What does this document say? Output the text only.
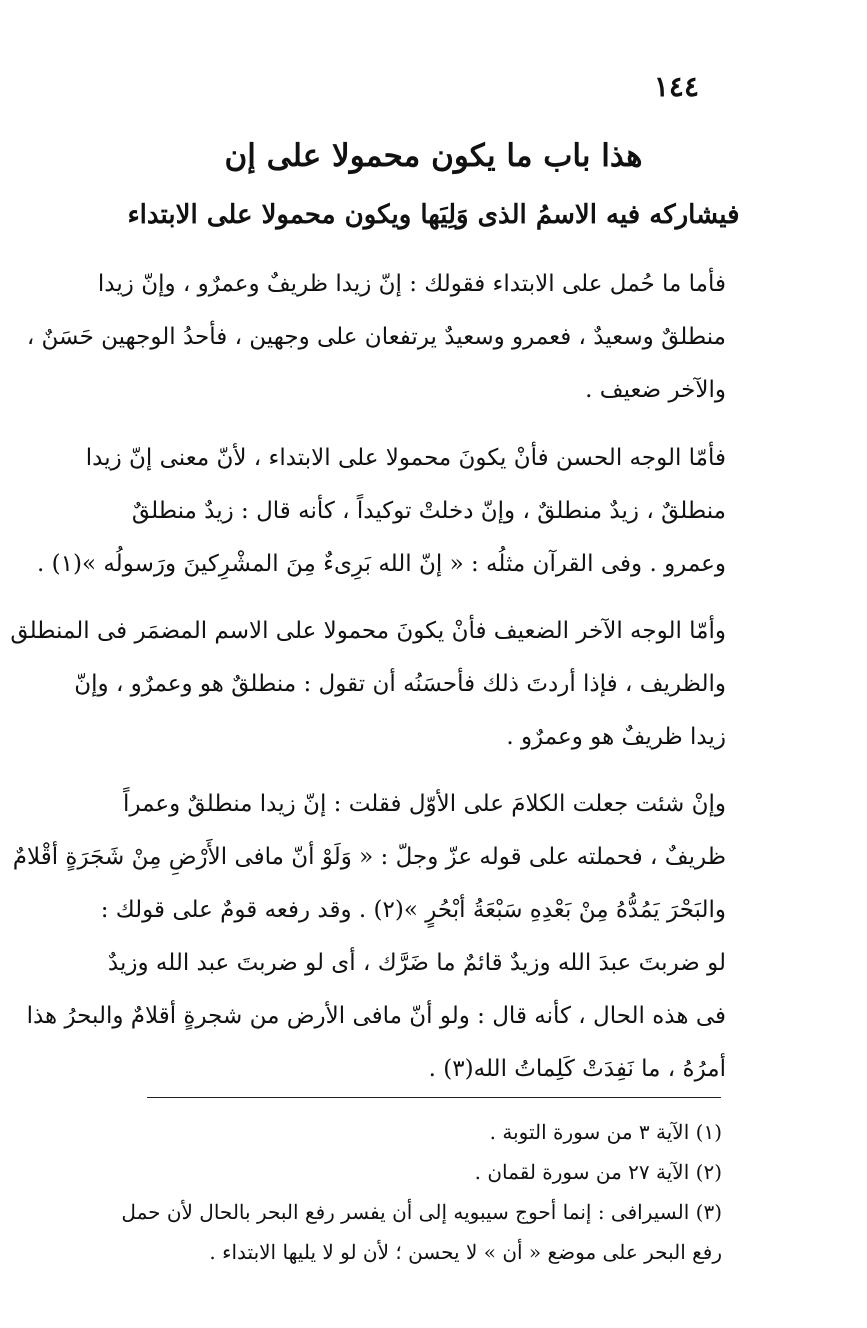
١٤٤
هذا باب ما يكون محمولا على إن
فيشاركه فيه الاسمُ الذى وَلِيَها ويكون محمولا على الابتداء
فأما ما حُمل على الابتداء فقولك : إنّ زيدا ظريفٌ وعمرٌو ، وإنّ زيدا
منطلقٌ وسعيدٌ ، فعمرو وسعيدٌ يرتفعان على وجهين ، فأحدُ الوجهين حَسَنٌ ،
والآخر ضعيف .
فأمّا الوجه الحسن فأنْ يكونَ محمولا على الابتداء ، لأنّ معنى إنّ زيدا
منطلقٌ ، زيدٌ منطلقٌ ، وإنّ دخلتْ توكيداً ، كأنه قال : زيدٌ منطلقٌ
وعمرو . وفى القرآن مثلُه : « إنّ الله بَرِىءٌ مِنَ المشْرِكينَ ورَسولُه »(١) .
وأمّا الوجه الآخر الضعيف فأنْ يكونَ محمولا على الاسم المضمَر فى المنطلق
والظريف ، فإذا أردتَ ذلك فأحسَنُه أن تقول : منطلقٌ هو وعمرٌو ، وإنّ
زيدا ظريفٌ هو وعمرٌو .
وإنْ شئت جعلت الكلامَ على الأوّل فقلت : إنّ زيدا منطلقٌ وعمراً
ظريفٌ ، فحملته على قوله عزّ وجلّ : « وَلَوْ أنّ مافى الأَرْضِ مِنْ شَجَرَةٍ أقْلامٌ
والبَحْرَ يَمُدُّهُ مِنْ بَعْدِهِ سَبْعَةُ أبْحُرٍ »(٢) . وقد رفعه قومٌ على قولك :
لو ضربتَ عبدَ الله وزيدٌ قائمٌ ما ضَرَّك ، أى لو ضربتَ عبد الله وزيدٌ
فى هذه الحال ، كأنه قال : ولو أنّ مافى الأرض من شجرةٍ أقلامٌ والبحرُ هذا
أمرُهُ ، ما نَفِدَتْ كَلِماتُ الله(٣) .
(١) الآية ٣ من سورة التوبة .
(٢) الآية ٢٧ من سورة لقمان .
(٣) السيرافى : إنما أحوج سيبويه إلى أن يفسر رفع البحر بالحال لأن حمل
رفع البحر على موضع « أن » لا يحسن ؛ لأن لو لا يليها الابتداء .
